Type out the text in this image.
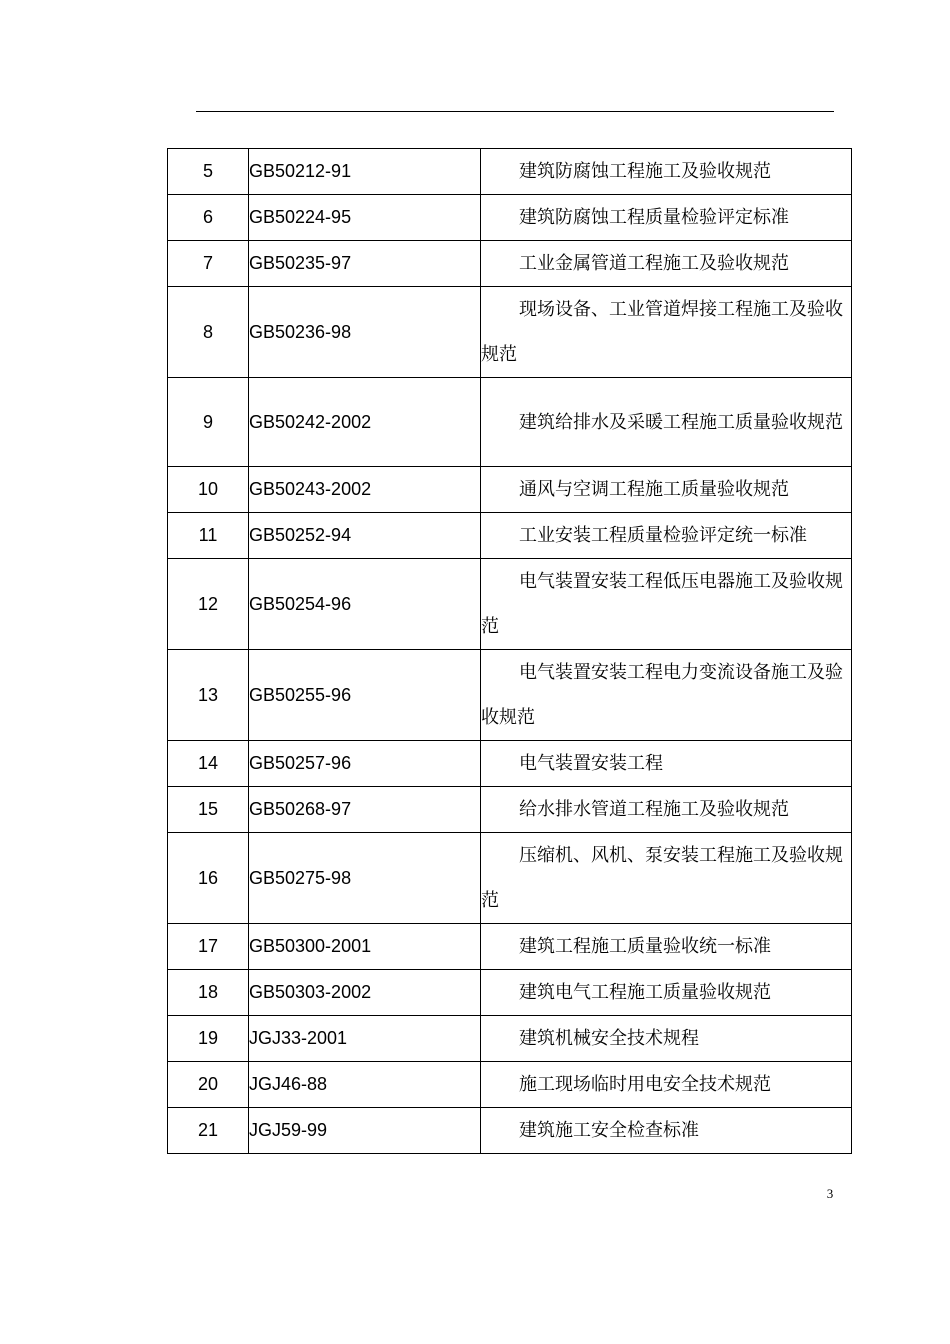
5	GB50212-91	建筑防腐蚀工程施工及验收规范

6	GB50224-95	建筑防腐蚀工程质量检验评定标准

7	GB50235-97	工业金属管道工程施工及验收规范

8	GB50236-98	现场设备、工业管道焊接工程施工及验收规范

9	GB50242-2002	建筑给排水及采暖工程施工质量验收规范

10	GB50243-2002	通风与空调工程施工质量验收规范

11	GB50252-94	工业安装工程质量检验评定统一标准

12	GB50254-96	电气装置安装工程低压电器施工及验收规范

13	GB50255-96	电气装置安装工程电力变流设备施工及验收规范

14	GB50257-96	电气装置安装工程

15	GB50268-97	给水排水管道工程施工及验收规范

16	GB50275-98	压缩机、风机、泵安装工程施工及验收规范

17	GB50300-2001	建筑工程施工质量验收统一标准

18	GB50303-2002	建筑电气工程施工质量验收规范

19	JGJ33-2001	建筑机械安全技术规程

20	JGJ46-88	施工现场临时用电安全技术规范

21	JGJ59-99	建筑施工安全检查标准
3
